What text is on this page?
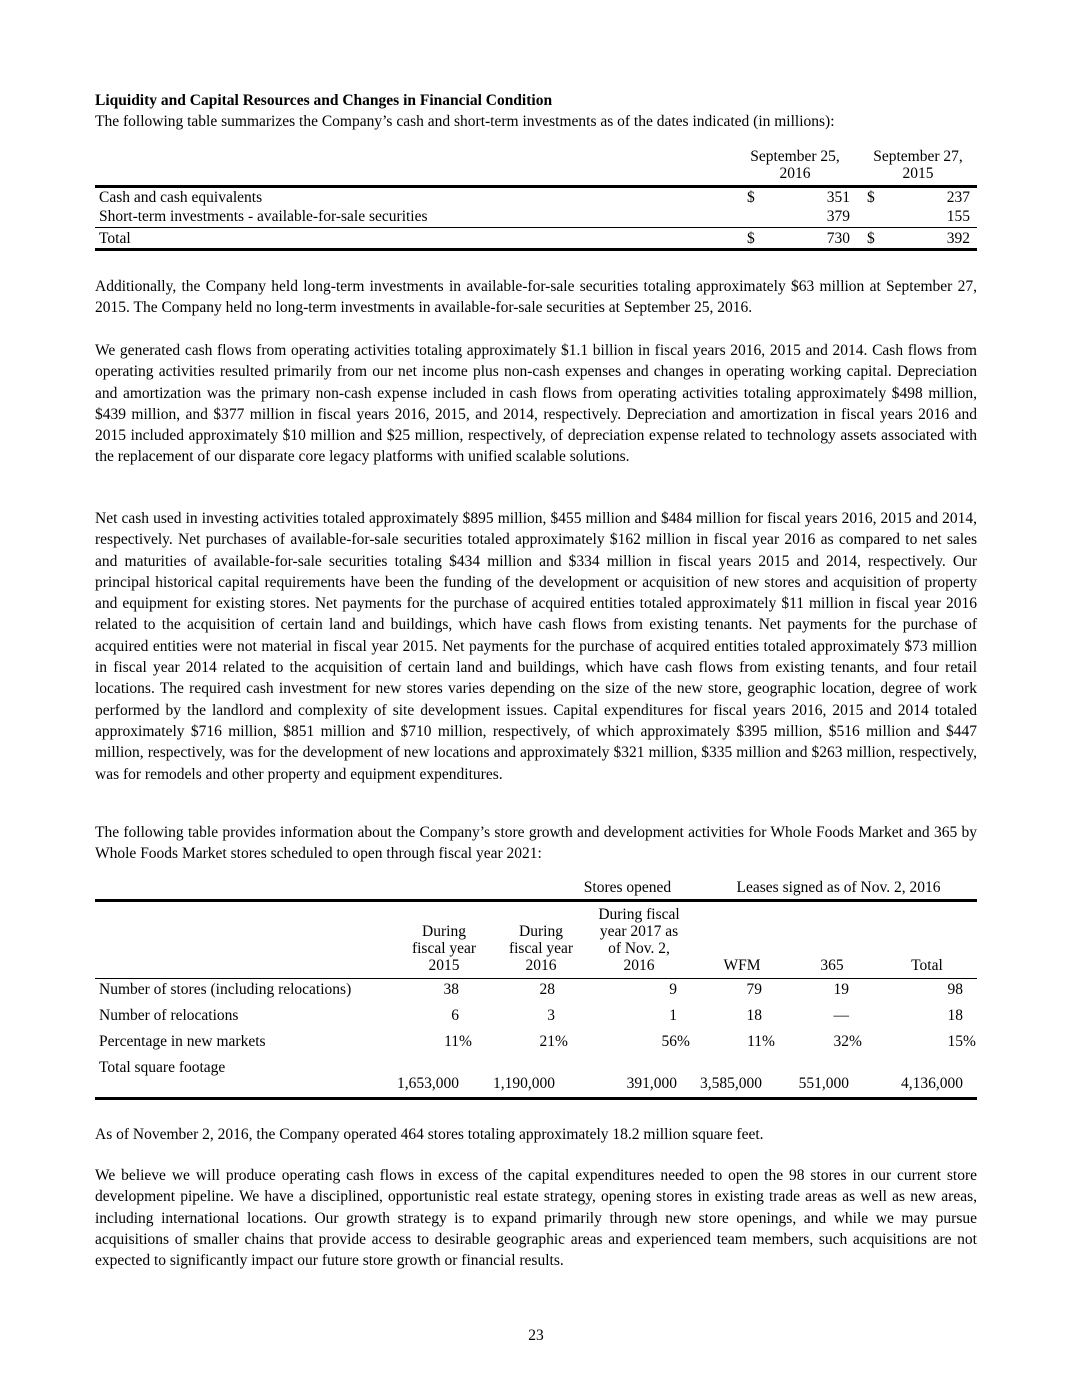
Liquidity and Capital Resources and Changes in Financial Condition
The following table summarizes the Company’s cash and short-term investments as of the dates indicated (in millions):
September 25,
2016
September 27,
2015
Cash and cash equivalents	$	351 $	237
Short-term investments - available-for-sale securities	379	155
Total	$	730 $	392

Additionally, the Company held long-term investments in available-for-sale securities totaling approximately $63 million at September 27, 2015. The Company held no long-term investments in available-for-sale securities at September 25, 2016.

We generated cash flows from operating activities totaling approximately $1.1 billion in fiscal years 2016, 2015 and 2014. Cash flows from operating activities resulted primarily from our net income plus non-cash expenses and changes in operating working capital. Depreciation and amortization was the primary non-cash expense included in cash flows from operating activities totaling approximately $498 million, $439 million, and $377 million in fiscal years 2016, 2015, and 2014, respectively. Depreciation and amortization in fiscal years 2016 and 2015 included approximately $10 million and $25 million, respectively, of depreciation expense related to technology assets associated with the replacement of our disparate core legacy platforms with unified scalable solutions.

Net cash used in investing activities totaled approximately $895 million, $455 million and $484 million for fiscal years 2016, 2015 and 2014, respectively. Net purchases of available-for-sale securities totaled approximately $162 million in fiscal year 2016 as compared to net sales and maturities of available-for-sale securities totaling $434 million and $334 million in fiscal years 2015 and 2014, respectively. Our principal historical capital requirements have been the funding of the development or acquisition of new stores and acquisition of property and equipment for existing stores. Net payments for the purchase of acquired entities totaled approximately $11 million in fiscal year 2016 related to the acquisition of certain land and buildings, which have cash flows from existing tenants. Net payments for the purchase of acquired entities were not material in fiscal year 2015. Net payments for the purchase of acquired entities totaled approximately $73 million in fiscal year 2014 related to the acquisition of certain land and buildings, which have cash flows from existing tenants, and four retail locations. The required cash investment for new stores varies depending on the size of the new store, geographic location, degree of work performed by the landlord and complexity of site development issues. Capital expenditures for fiscal years 2016, 2015 and 2014 totaled approximately $716 million, $851 million and $710 million, respectively, of which approximately $395 million, $516 million and $447 million, respectively, was for the development of new locations and approximately $321 million, $335 million and $263 million, respectively, was for remodels and other property and equipment expenditures.

The following table provides information about the Company’s store growth and development activities for Whole Foods Market and 365 by Whole Foods Market stores scheduled to open through fiscal year 2021:

Stores opened	Leases signed as of Nov. 2, 2016
During
fiscal year
2015
During
fiscal year
2016
During fiscal
year 2017 as
of Nov. 2,
2016	WFM	365	Total
Number of stores (including relocations)	38	28	9	79	19	98
Number of relocations	6	3	1	18	—	18
Percentage in new markets	11%	21%	56%	11%	32%	15%
Total square footage
1,653,000	1,190,000	391,000	3,585,000	551,000	4,136,000

As of November 2, 2016, the Company operated 464 stores totaling approximately 18.2 million square feet.

We believe we will produce operating cash flows in excess of the capital expenditures needed to open the 98 stores in our current store development pipeline. We have a disciplined, opportunistic real estate strategy, opening stores in existing trade areas as well as new areas, including international locations. Our growth strategy is to expand primarily through new store openings, and while we may pursue acquisitions of smaller chains that provide access to desirable geographic areas and experienced team members, such acquisitions are not expected to significantly impact our future store growth or financial results.

23
